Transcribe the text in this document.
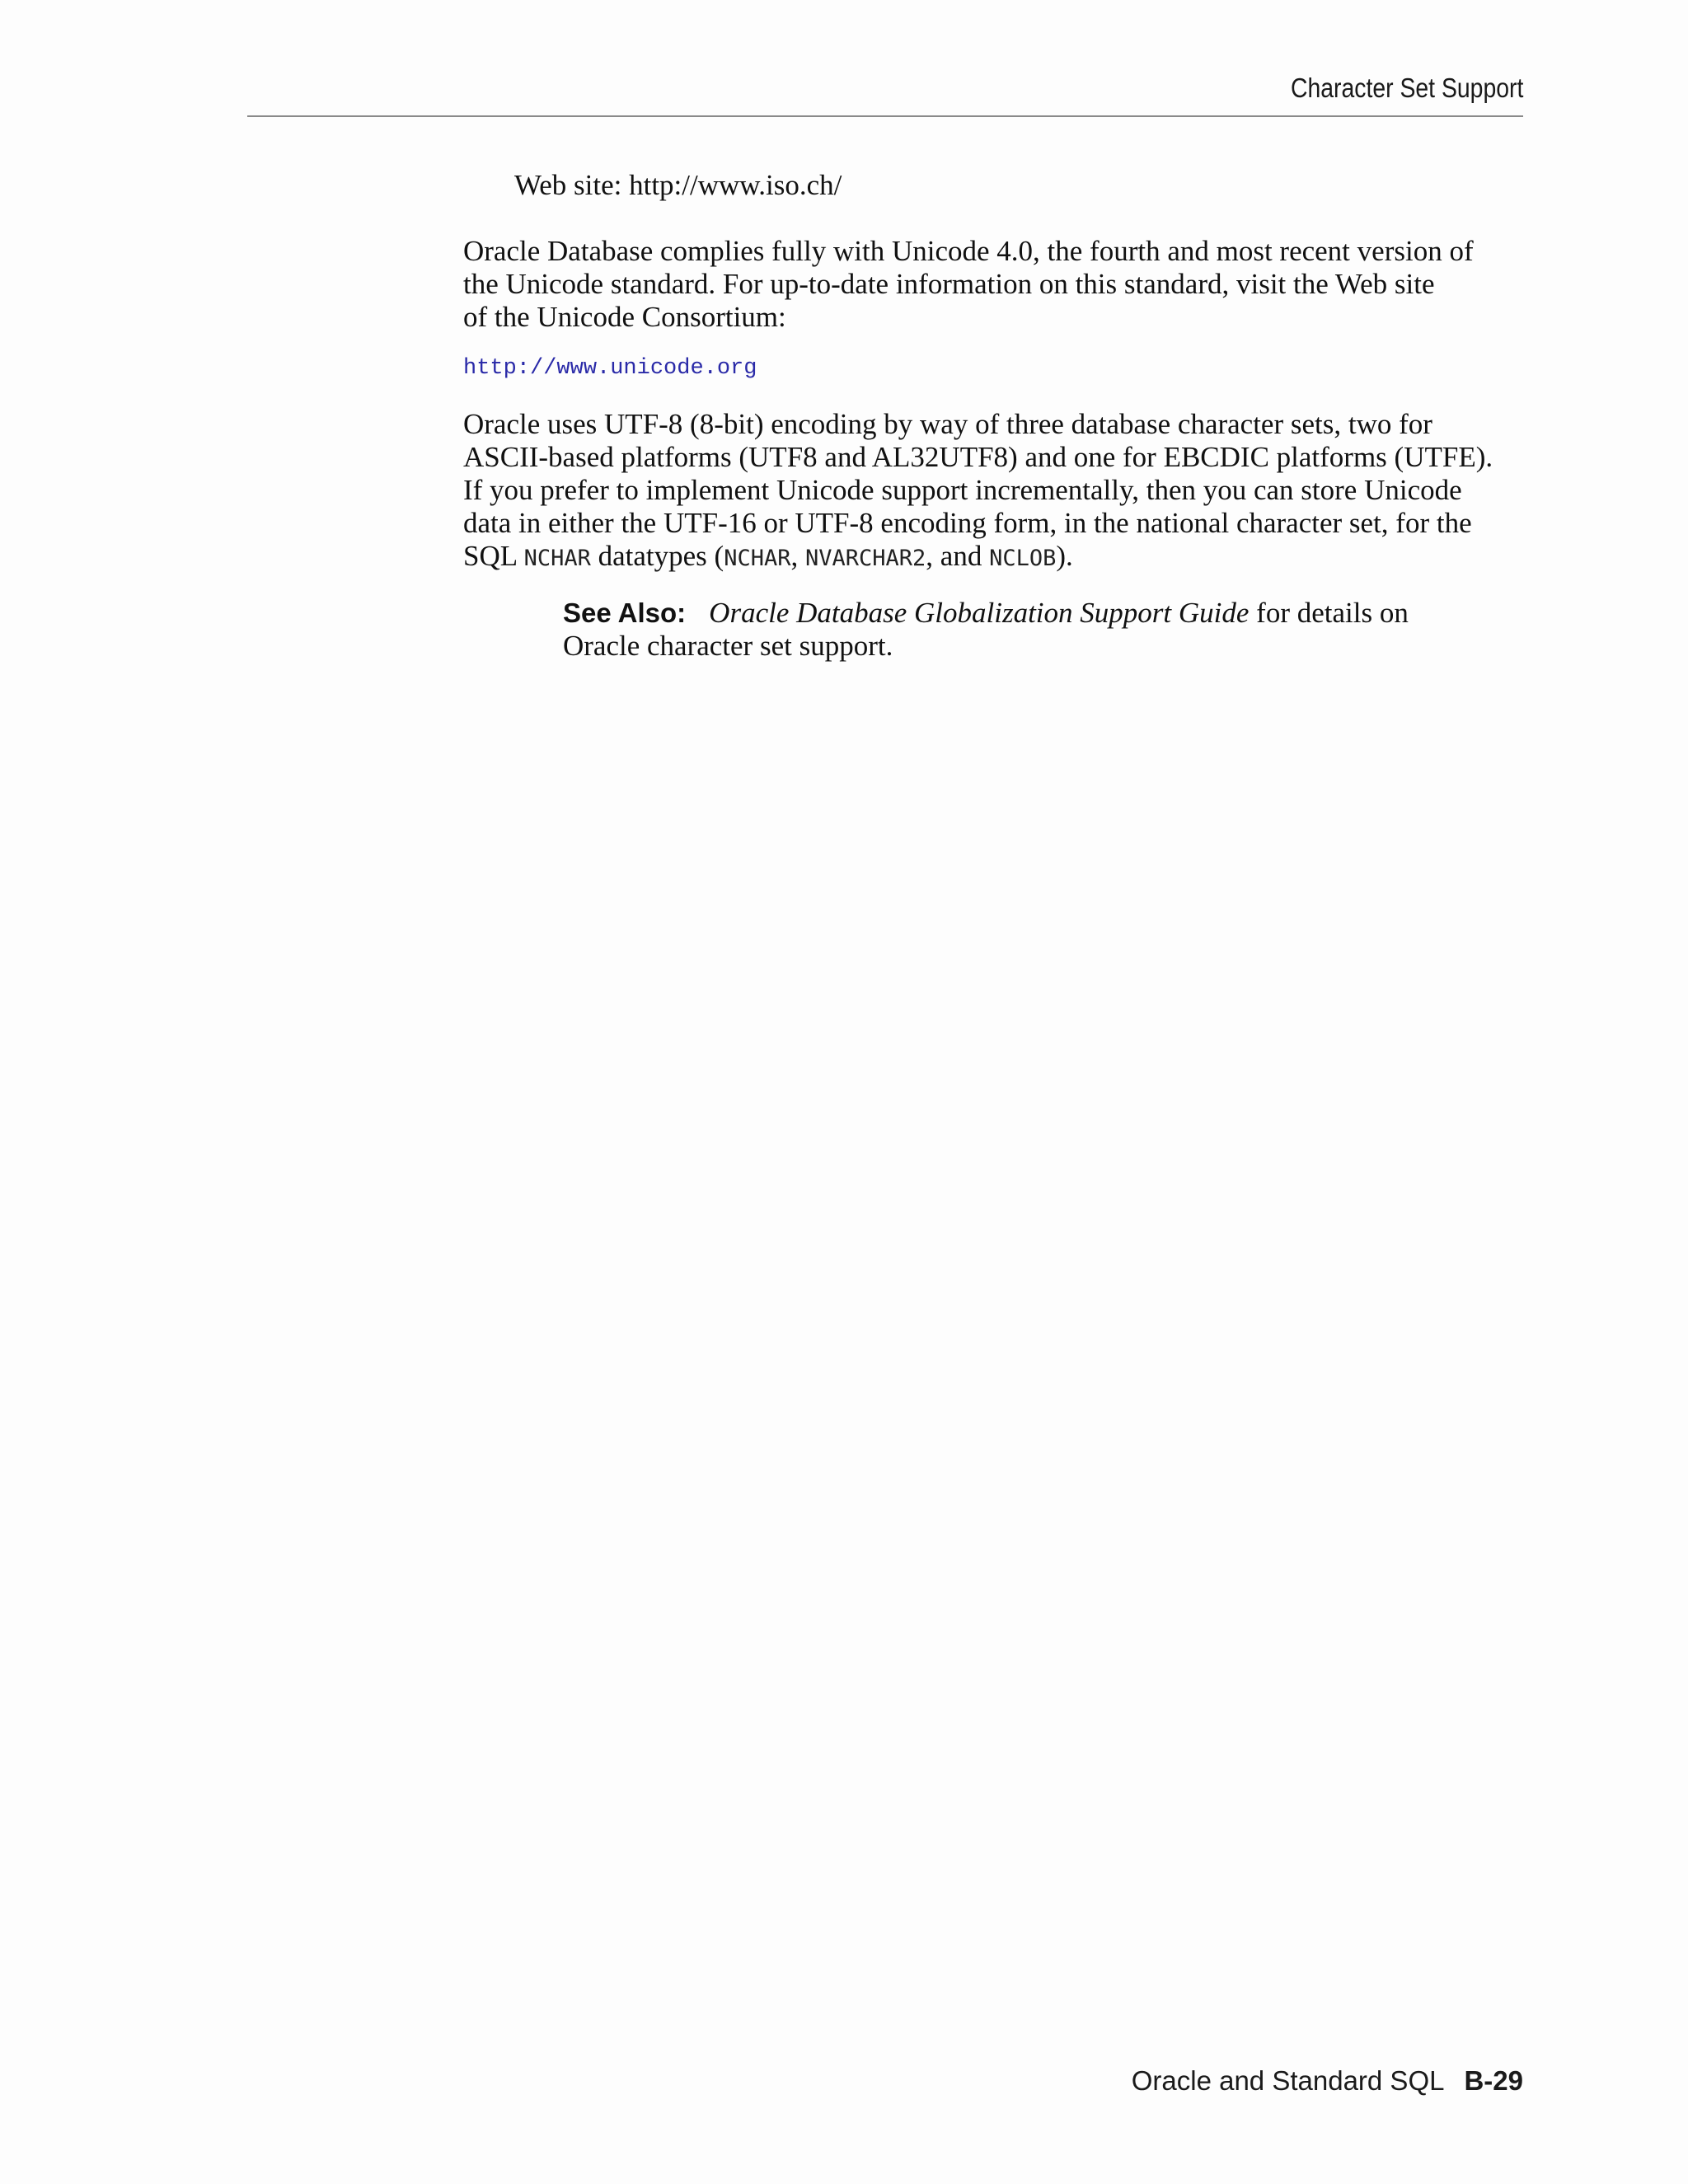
Character Set Support
Web site: http://www.iso.ch/
Oracle Database complies fully with Unicode 4.0, the fourth and most recent version of
the Unicode standard. For up-to-date information on this standard, visit the Web site
of the Unicode Consortium:
http://www.unicode.org
Oracle uses UTF-8 (8-bit) encoding by way of three database character sets, two for
ASCII-based platforms (UTF8 and AL32UTF8) and one for EBCDIC platforms (UTFE).
If you prefer to implement Unicode support incrementally, then you can store Unicode
data in either the UTF-16 or UTF-8 encoding form, in the national character set, for the
SQL NCHAR datatypes (NCHAR, NVARCHAR2, and NCLOB).
See Also: Oracle Database Globalization Support Guide for details on
Oracle character set support.
Oracle and Standard SQL B-29
